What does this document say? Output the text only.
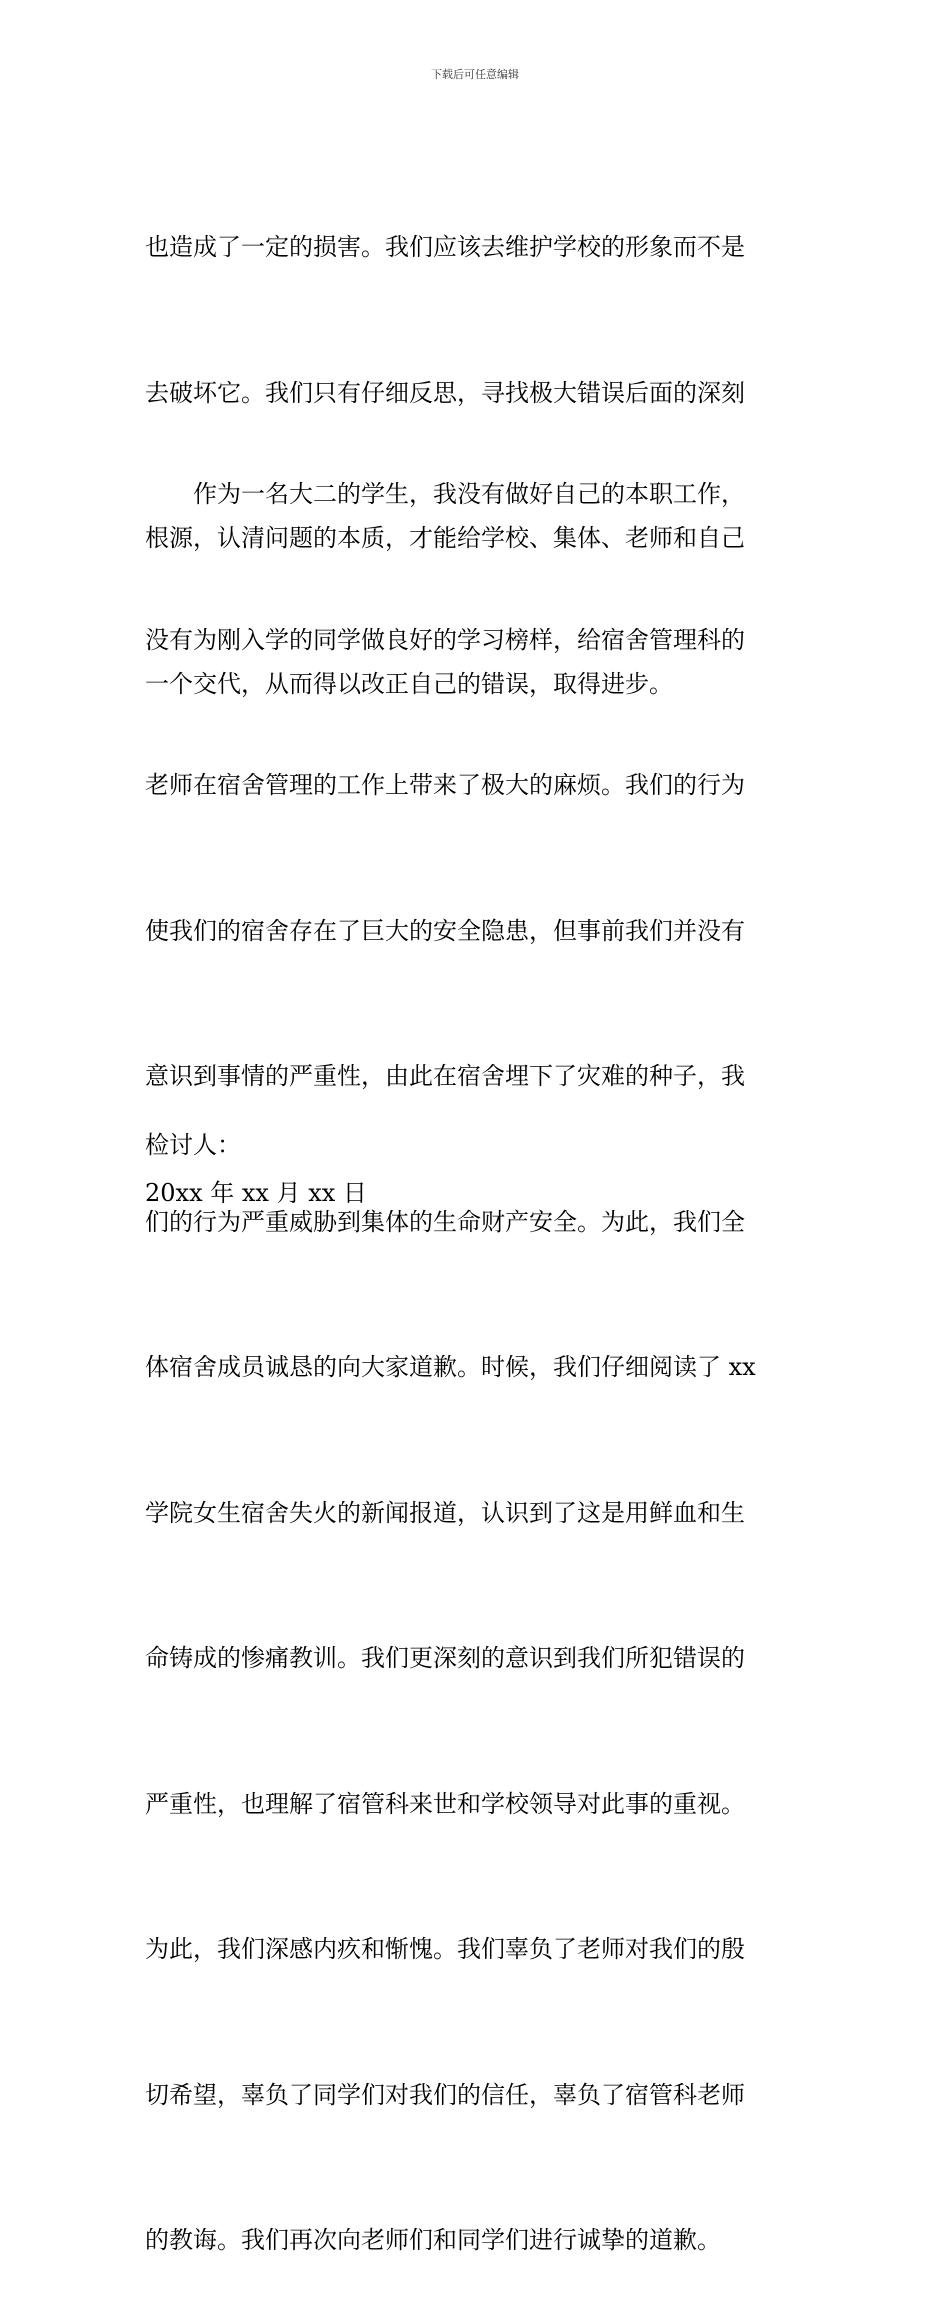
下载后可任意编辑

也造成了一定的损害。我们应该去维护学校的形象而不是

去破坏它。我们只有仔细反思，寻找极大错误后面的深刻

根源，认清问题的本质，才能给学校、集体、老师和自己

一个交代，从而得以改正自己的错误，取得进步。

　　作为一名大二的学生，我没有做好自己的本职工作，

没有为刚入学的同学做良好的学习榜样，给宿舍管理科的

老师在宿舍管理的工作上带来了极大的麻烦。我们的行为

使我们的宿舍存在了巨大的安全隐患，但事前我们并没有

意识到事情的严重性，由此在宿舍埋下了灾难的种子，我

们的行为严重威胁到集体的生命财产安全。为此，我们全

体宿舍成员诚恳的向大家道歉。时候，我们仔细阅读了 xx

学院女生宿舍失火的新闻报道，认识到了这是用鲜血和生

命铸成的惨痛教训。我们更深刻的意识到我们所犯错误的

严重性，也理解了宿管科来世和学校领导对此事的重视。

为此，我们深感内疚和惭愧。我们辜负了老师对我们的殷

切希望，辜负了同学们对我们的信任，辜负了宿管科老师

的教诲。我们再次向老师们和同学们进行诚挚的道歉。

检讨人：
20xx 年 xx 月 xx 日
